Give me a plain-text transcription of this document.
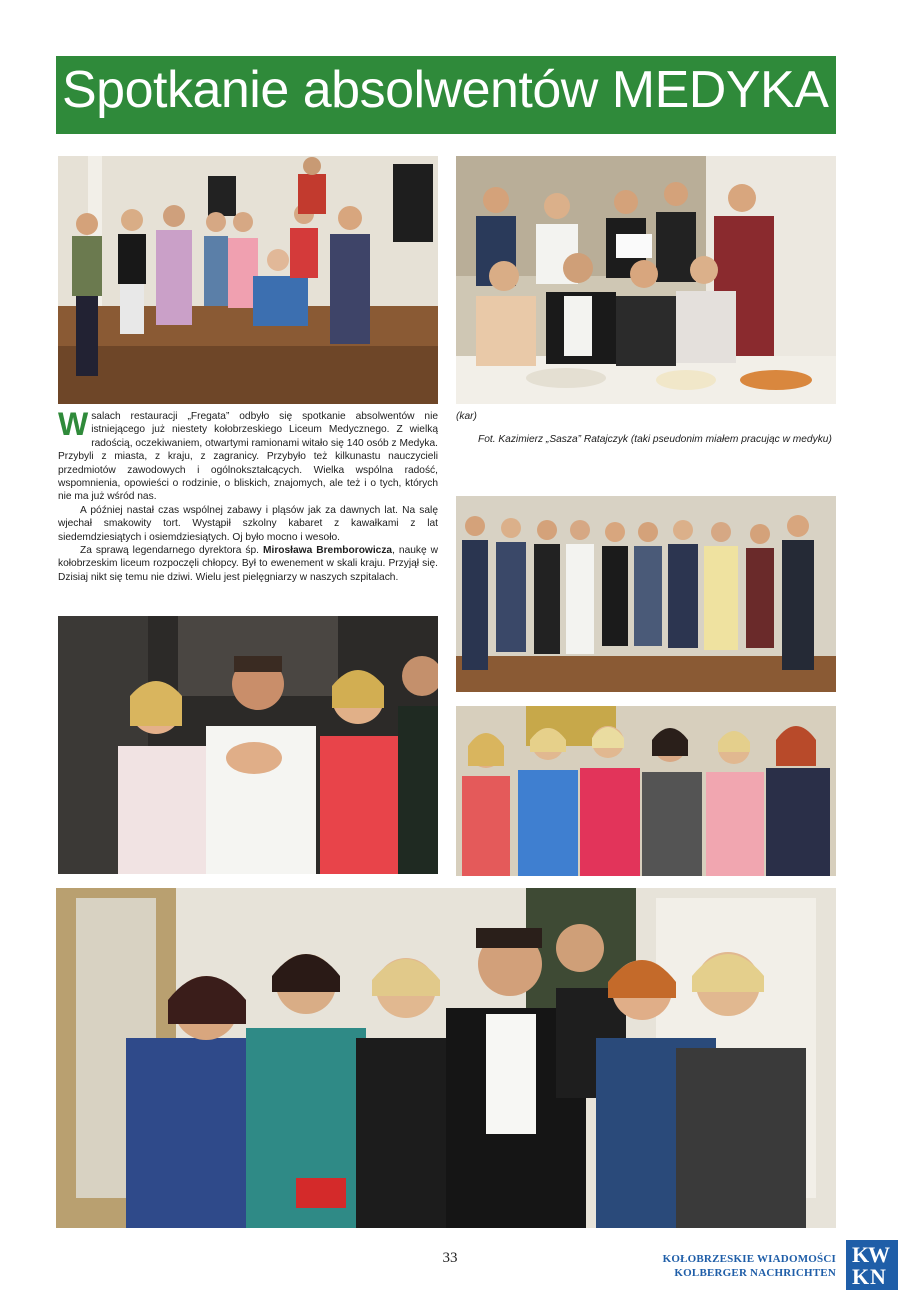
Spotkanie absolwentów MEDYKA

Wsalach restauracji „Fregata” odbyło się spotkanie absolwentów nie istniejącego już niestety kołobrzeskiego Liceum Medycznego. Z wielką radością, oczekiwaniem, otwartymi ramionami witało się 140 osób z Medyka. Przybyli z miasta, z kraju, z zagranicy. Przybyło też kilkunastu nauczycieli przedmiotów zawodowych i ogólnokształcących. Wielka wspólna radość, wspomnienia, opowieści o rodzinie, o bliskich, znajomych, ale też i o tych, których nie ma już wśród nas.

A później nastał czas wspólnej zabawy i pląsów jak za dawnych lat. Na salę wjechał smakowity tort. Wystąpił szkolny kabaret z kawałkami z lat siedemdziesiątych i osiemdziesiątych. Oj było mocno i wesoło.

Za sprawą legendarnego dyrektora śp. Mirosława Bremborowicza, naukę w kołobrzeskim liceum rozpoczęli chłopcy. Był to ewenement w skali kraju. Przyjął się. Dzisiaj nikt się temu nie dziwi. Wielu jest pielęgniarzy w naszych szpitalach.

(kar)

Fot. Kazimierz „Sasza” Ratajczyk (taki pseudonim miałem pracując w medyku)

33	KOŁOBRZESKIE WIADOMOŚCI
KOLBERGER NACHRICHTEN
K
W
K N
